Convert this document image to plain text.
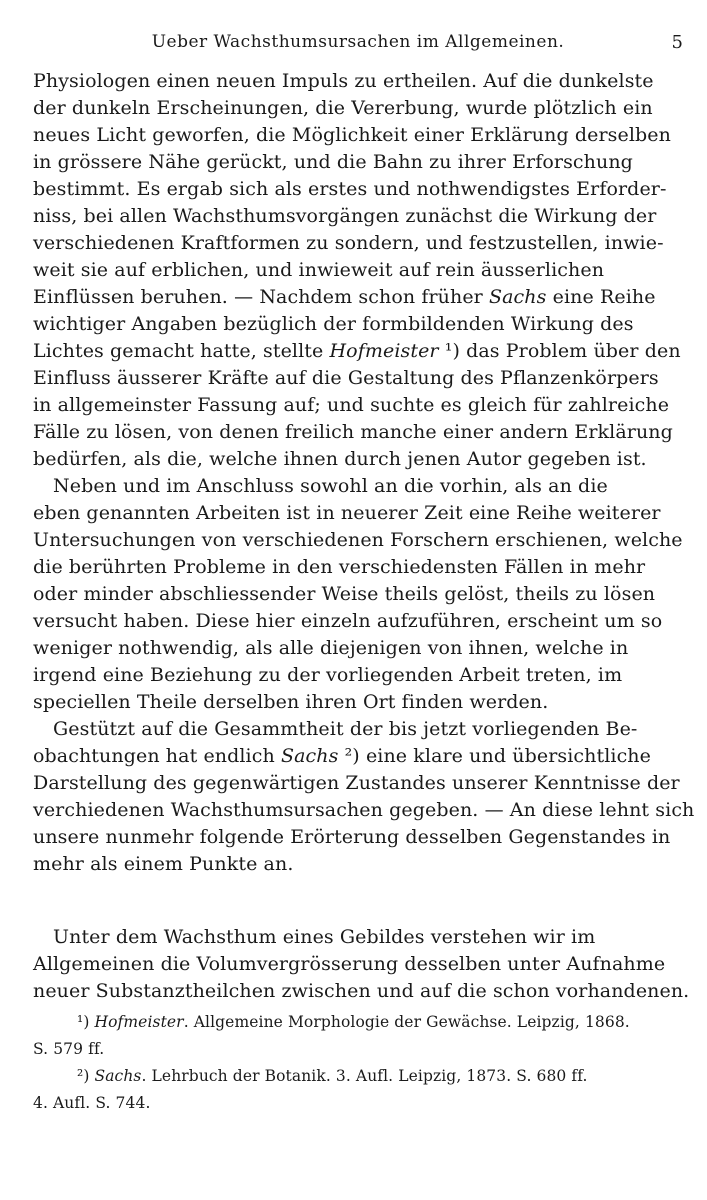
Ueber Wachsthumsursachen im Allgemeinen.	5

Physiologen einen neuen Impuls zu ertheilen. Auf die dunkelste
der dunkeln Erscheinungen, die Vererbung, wurde plötzlich ein
neues Licht geworfen, die Möglichkeit einer Erklärung derselben
in grössere Nähe gerückt, und die Bahn zu ihrer Erforschung
bestimmt. Es ergab sich als erstes und nothwendigstes Erforder-
niss, bei allen Wachsthumsvorgängen zunächst die Wirkung der
verschiedenen Kraftformen zu sondern, und festzustellen, inwie-
weit sie auf erblichen, und inwieweit auf rein äusserlichen
Einflüssen beruhen. — Nachdem schon früher Sachs eine Reihe
wichtiger Angaben bezüglich der formbildenden Wirkung des
Lichtes gemacht hatte, stellte Hofmeister ¹) das Problem über den
Einfluss äusserer Kräfte auf die Gestaltung des Pflanzenkörpers
in allgemeinster Fassung auf; und suchte es gleich für zahlreiche
Fälle zu lösen, von denen freilich manche einer andern Erklärung
bedürfen, als die, welche ihnen durch jenen Autor gegeben ist.

Neben und im Anschluss sowohl an die vorhin, als an die
eben genannten Arbeiten ist in neuerer Zeit eine Reihe weiterer
Untersuchungen von verschiedenen Forschern erschienen, welche
die berührten Probleme in den verschiedensten Fällen in mehr
oder minder abschliessender Weise theils gelöst, theils zu lösen
versucht haben. Diese hier einzeln aufzuführen, erscheint um so
weniger nothwendig, als alle diejenigen von ihnen, welche in
irgend eine Beziehung zu der vorliegenden Arbeit treten, im
speciellen Theile derselben ihren Ort finden werden.

Gestützt auf die Gesammtheit der bis jetzt vorliegenden Be-
obachtungen hat endlich Sachs ²) eine klare und übersichtliche
Darstellung des gegenwärtigen Zustandes unserer Kenntnisse der
verchiedenen Wachsthumsursachen gegeben. — An diese lehnt sich
unsere nunmehr folgende Erörterung desselben Gegenstandes in
mehr als einem Punkte an.

Unter dem Wachsthum eines Gebildes verstehen wir im
Allgemeinen die Volumvergrösserung desselben unter Aufnahme
neuer Substanztheilchen zwischen und auf die schon vorhandenen.

¹) Hofmeister. Allgemeine Morphologie der Gewächse. Leipzig, 1868.
S. 579 ff.
²) Sachs. Lehrbuch der Botanik. 3. Aufl. Leipzig, 1873. S. 680 ff.
4. Aufl. S. 744.
